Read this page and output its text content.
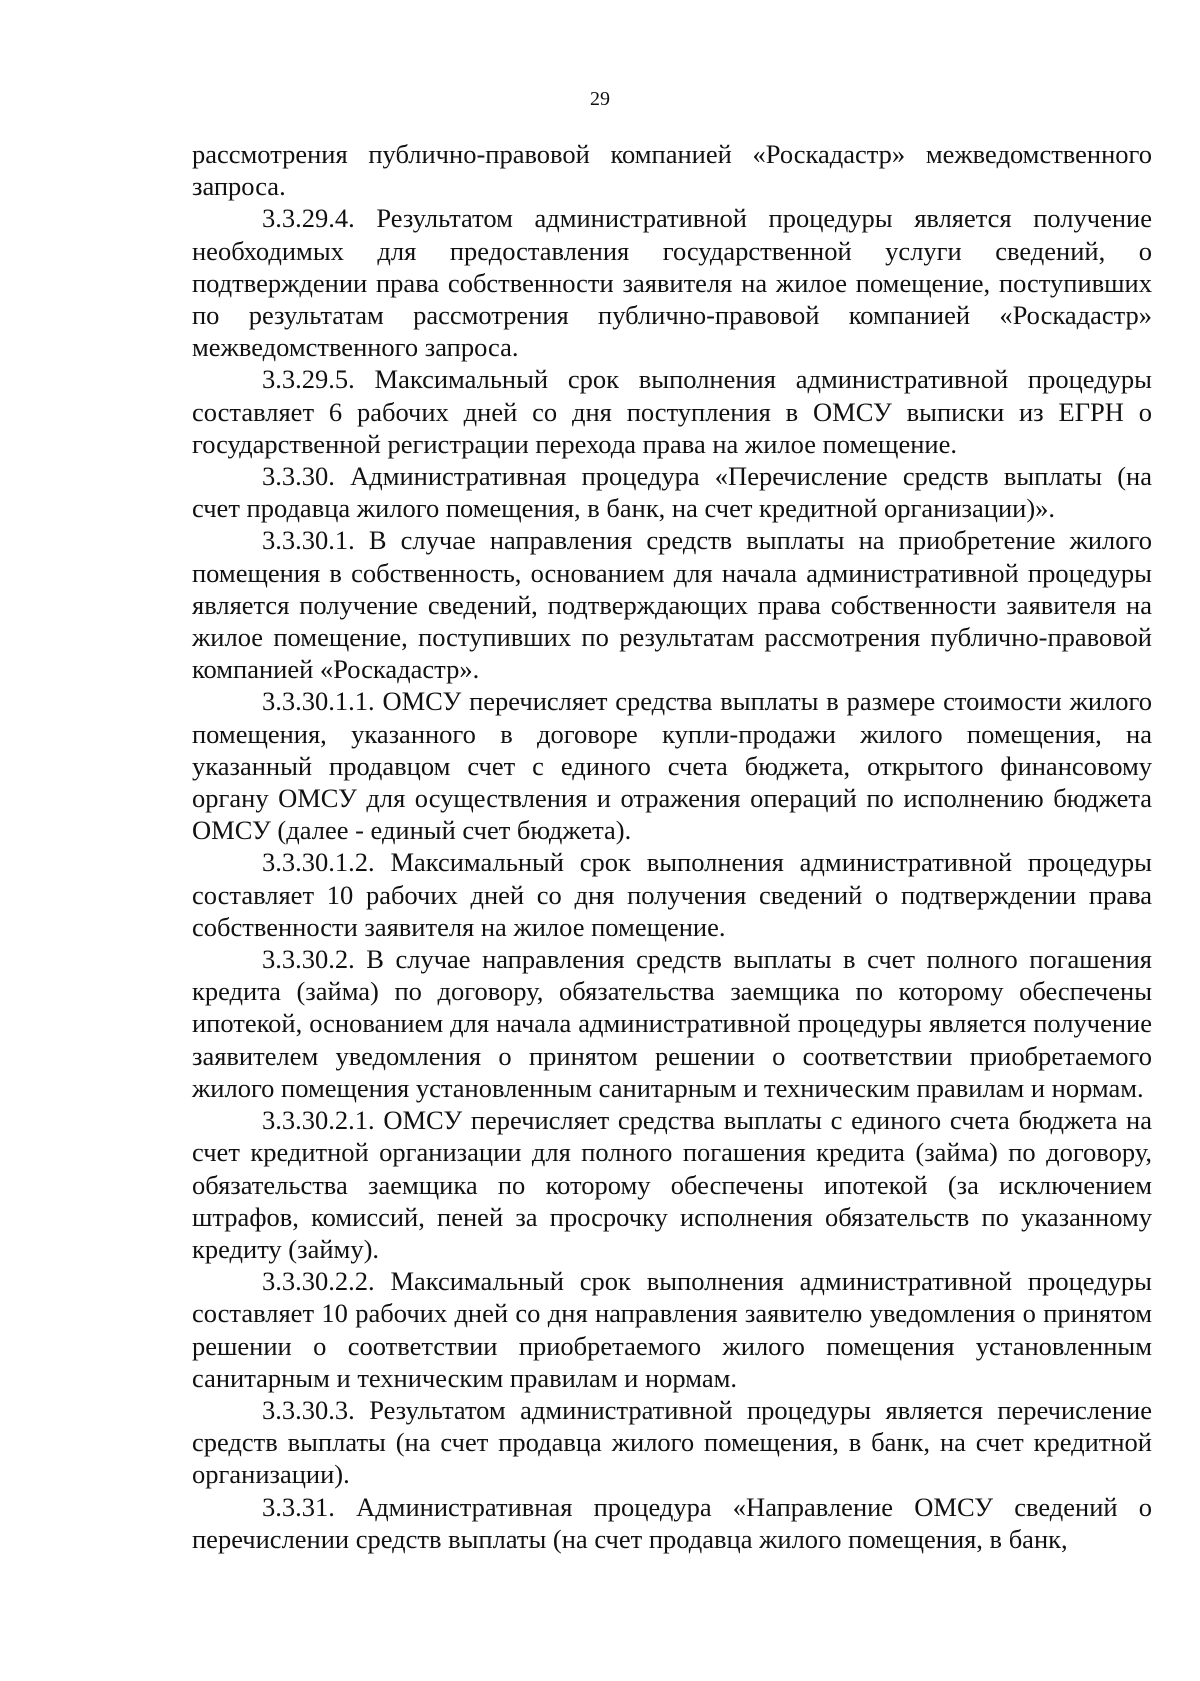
29

рассмотрения публично-правовой компанией «Роскадастр» межведомственного запроса.

3.3.29.4. Результатом административной процедуры является получение необходимых для предоставления государственной услуги сведений, о подтверждении права собственности заявителя на жилое помещение, поступивших по результатам рассмотрения публично-правовой компанией «Роскадастр» межведомственного запроса.

3.3.29.5. Максимальный срок выполнения административной процедуры составляет 6 рабочих дней со дня поступления в ОМСУ выписки из ЕГРН о государственной регистрации перехода права на жилое помещение.

3.3.30. Административная процедура «Перечисление средств выплаты (на счет продавца жилого помещения, в банк, на счет кредитной организации)».

3.3.30.1. В случае направления средств выплаты на приобретение жилого помещения в собственность, основанием для начала административной процедуры является получение сведений, подтверждающих права собственности заявителя на жилое помещение, поступивших по результатам рассмотрения публично-правовой компанией «Роскадастр».

3.3.30.1.1. ОМСУ перечисляет средства выплаты в размере стоимости жилого помещения, указанного в договоре купли-продажи жилого помещения, на указанный продавцом счет с единого счета бюджета, открытого финансовому органу ОМСУ для осуществления и отражения операций по исполнению бюджета ОМСУ (далее - единый счет бюджета).

3.3.30.1.2. Максимальный срок выполнения административной процедуры составляет 10 рабочих дней со дня получения сведений о подтверждении права собственности заявителя на жилое помещение.

3.3.30.2. В случае направления средств выплаты в счет полного погашения кредита (займа) по договору, обязательства заемщика по которому обеспечены ипотекой, основанием для начала административной процедуры является получение заявителем уведомления о принятом решении о соответствии приобретаемого жилого помещения установленным санитарным и техническим правилам и нормам.

3.3.30.2.1. ОМСУ перечисляет средства выплаты с единого счета бюджета на счет кредитной организации для полного погашения кредита (займа) по договору, обязательства заемщика по которому обеспечены ипотекой (за исключением штрафов, комиссий, пеней за просрочку исполнения обязательств по указанному кредиту (займу).

3.3.30.2.2. Максимальный срок выполнения административной процедуры составляет 10 рабочих дней со дня направления заявителю уведомления о принятом решении о соответствии приобретаемого жилого помещения установленным санитарным и техническим правилам и нормам.

3.3.30.3. Результатом административной процедуры является перечисление средств выплаты (на счет продавца жилого помещения, в банк, на счет кредитной организации).

3.3.31. Административная процедура «Направление ОМСУ сведений о перечислении средств выплаты (на счет продавца жилого помещения, в банк,
